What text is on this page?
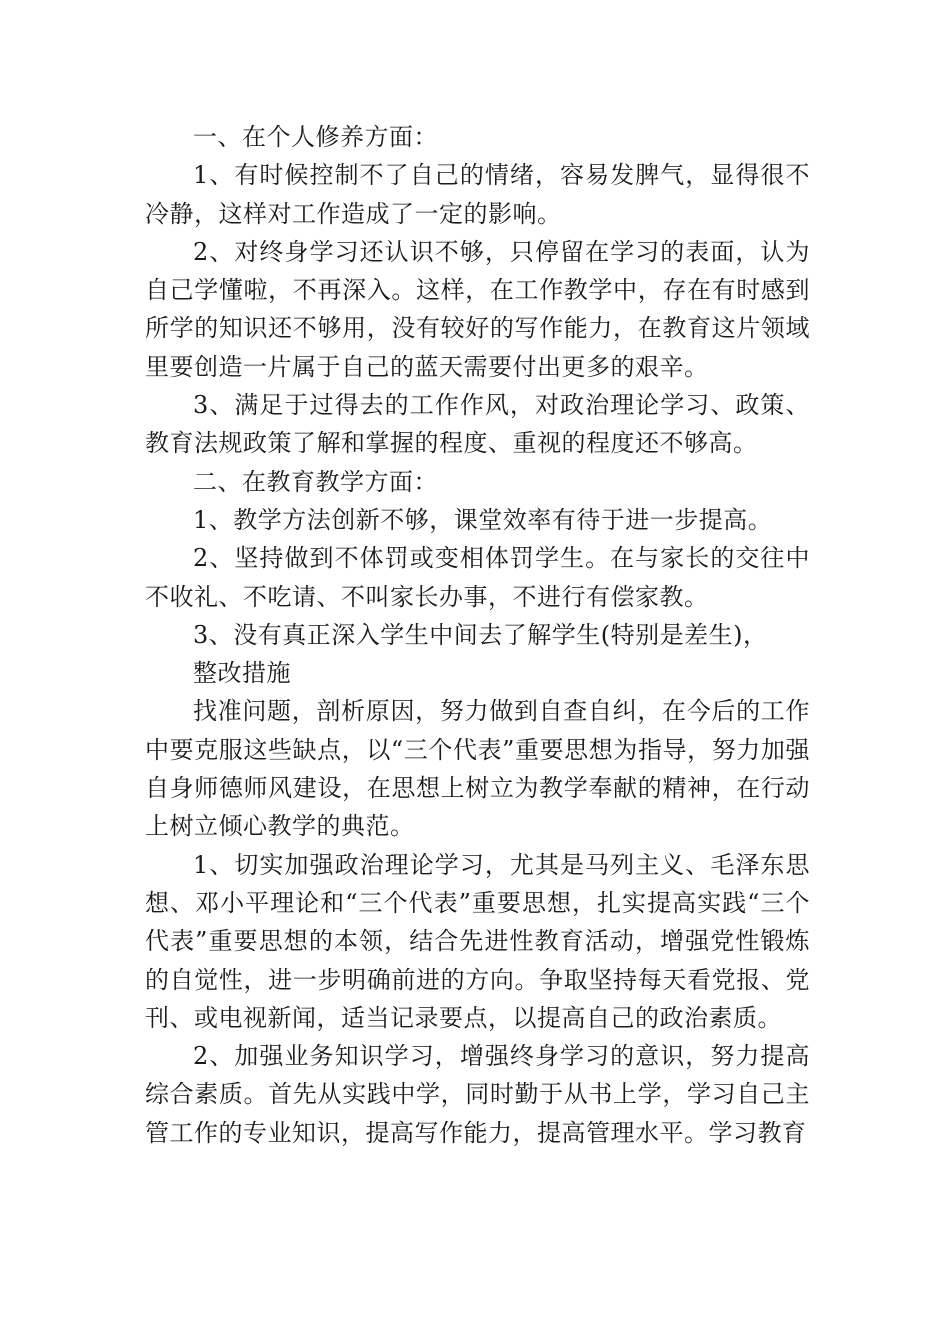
一、在个人修养方面：

1、有时候控制不了自己的情绪，容易发脾气，显得很不冷静，这样对工作造成了一定的影响。

2、对终身学习还认识不够，只停留在学习的表面，认为自己学懂啦，不再深入。这样，在工作教学中，存在有时感到所学的知识还不够用，没有较好的写作能力，在教育这片领域里要创造一片属于自己的蓝天需要付出更多的艰辛。

3、满足于过得去的工作作风，对政治理论学习、政策、教育法规政策了解和掌握的程度、重视的程度还不够高。

二、在教育教学方面：

1、教学方法创新不够，课堂效率有待于进一步提高。

2、坚持做到不体罚或变相体罚学生。在与家长的交往中不收礼、不吃请、不叫家长办事，不进行有偿家教。

3、没有真正深入学生中间去了解学生(特别是差生)，

整改措施

找准问题，剖析原因，努力做到自查自纠，在今后的工作中要克服这些缺点，以“三个代表”重要思想为指导，努力加强自身师德师风建设，在思想上树立为教学奉献的精神，在行动上树立倾心教学的典范。

1、切实加强政治理论学习，尤其是马列主义、毛泽东思想、邓小平理论和“三个代表”重要思想，扎实提高实践“三个代表”重要思想的本领，结合先进性教育活动，增强党性锻炼的自觉性，进一步明确前进的方向。争取坚持每天看党报、党刊、或电视新闻，适当记录要点，以提高自己的政治素质。

2、加强业务知识学习，增强终身学习的意识，努力提高综合素质。首先从实践中学，同时勤于从书上学，学习自己主管工作的专业知识，提高写作能力，提高管理水平。学习教育
